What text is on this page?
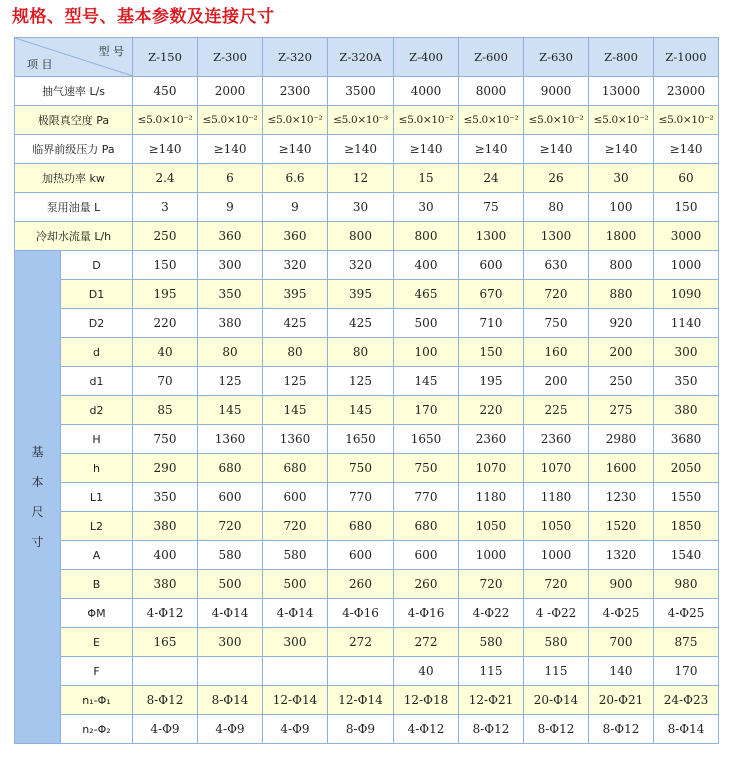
规格、型号、基本参数及连接尺寸
型 号
项 目		Z-150	Z-300	Z-320	Z-320A	Z-400	Z-600	Z-630	Z-800	Z-1000
抽气速率 L/s		450	2000	2300	3500	4000	8000	9000	13000	23000
极限真空度 Pa		≤5.0×10⁻²	≤5.0×10⁻²	≤5.0×10⁻²	≤5.0×10⁻³	≤5.0×10⁻²	≤5.0×10⁻²	≤5.0×10⁻²	≤5.0×10⁻²	≤5.0×10⁻²
临界前级压力 Pa		≥140	≥140	≥140	≥140	≥140	≥140	≥140	≥140	≥140
加热功率 kw		2.4	6	6.6	12	15	24	26	30	60
泵用油量 L		3	9	9	30	30	75	80	100	150
冷却水流量 L/h		250	360	360	800	800	1300	1300	1800	3000
基本尺寸	D	150	300	320	320	400	600	630	800	1000
	D1	195	350	395	395	465	670	720	880	1090
	D2	220	380	425	425	500	710	750	920	1140
	d	40	80	80	80	100	150	160	200	300
	d1	70	125	125	125	145	195	200	250	350
	d2	85	145	145	145	170	220	225	275	380
	H	750	1360	1360	1650	1650	2360	2360	2980	3680
	h	290	680	680	750	750	1070	1070	1600	2050
	L1	350	600	600	770	770	1180	1180	1230	1550
	L2	380	720	720	680	680	1050	1050	1520	1850
	A	400	580	580	600	600	1000	1000	1320	1540
	B	380	500	500	260	260	720	720	900	980
	ΦM	4-Φ12	4-Φ14	4-Φ14	4-Φ16	4-Φ16	4-Φ22	4 -Φ22	4-Φ25	4-Φ25
	E	165	300	300	272	272	580	580	700	875
	F					40	115	115	140	170
	n₁-Φ₁	8-Φ12	8-Φ14	12-Φ14	12-Φ14	12-Φ18	12-Φ21	20-Φ14	20-Φ21	24-Φ23
	n₂-Φ₂	4-Φ9	4-Φ9	4-Φ9	8-Φ9	4-Φ12	8-Φ12	8-Φ12	8-Φ12	8-Φ14
